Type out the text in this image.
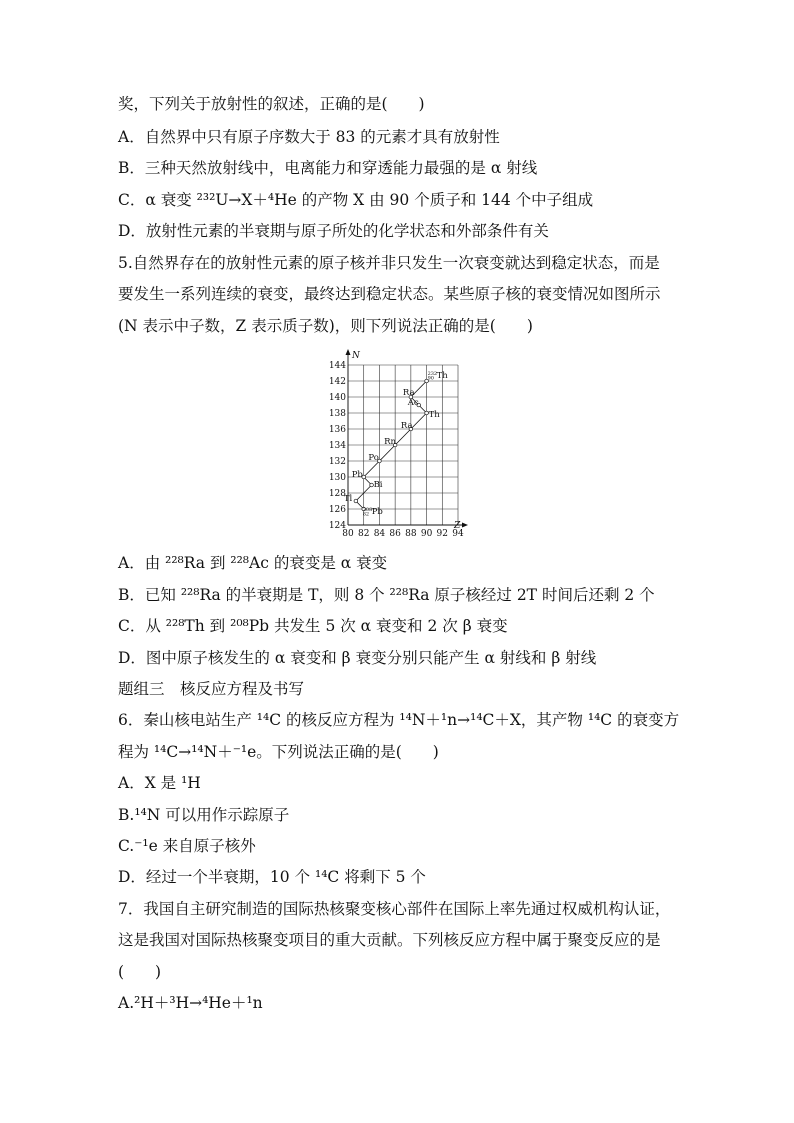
奖，下列关于放射性的叙述，正确的是(　　)
A．自然界中只有原子序数大于 83 的元素才具有放射性
B．三种天然放射线中，电离能力和穿透能力最强的是 α 射线
C．α 衰变 ²³²U→X＋⁴He 的产物 X 由 90 个质子和 144 个中子组成
D．放射性元素的半衰期与原子所处的化学状态和外部条件有关
5.自然界存在的放射性元素的原子核并非只发生一次衰变就达到稳定状态，而是
要发生一系列连续的衰变，最终达到稳定状态。某些原子核的衰变情况如图所示
(N 表示中子数，Z 表示质子数)，则下列说法正确的是(　　)
A．由 ²²⁸Ra 到 ²²⁸Ac 的衰变是 α 衰变
B．已知 ²²⁸Ra 的半衰期是 T，则 8 个 ²²⁸Ra 原子核经过 2T 时间后还剩 2 个
C．从 ²²⁸Th 到 ²⁰⁸Pb 共发生 5 次 α 衰变和 2 次 β 衰变
D．图中原子核发生的 α 衰变和 β 衰变分别只能产生 α 射线和 β 射线
题组三　核反应方程及书写
6．秦山核电站生产 ¹⁴C 的核反应方程为 ¹⁴N＋¹n→¹⁴C＋X，其产物 ¹⁴C 的衰变方
程为 ¹⁴C→¹⁴N＋⁻¹e。下列说法正确的是(　　)
A．X 是 ¹H
B.¹⁴N 可以用作示踪原子
C.⁻¹e 来自原子核外
D．经过一个半衰期，10 个 ¹⁴C 将剩下 5 个
7．我国自主研究制造的国际热核聚变核心部件在国际上率先通过权威机构认证，
这是我国对国际热核聚变项目的重大贡献。下列核反应方程中属于聚变反应的是
(　　)
A.²H＋³H→⁴He＋¹n
N
Z
144
142
140
138
136
134
132
130
128
126
124
80 82 84 86 88 90 92 94
232 90 Th
Ra
Ac
Th
Ra
Rn
Po
Pb
Bi
Tl
208 82 Pb
